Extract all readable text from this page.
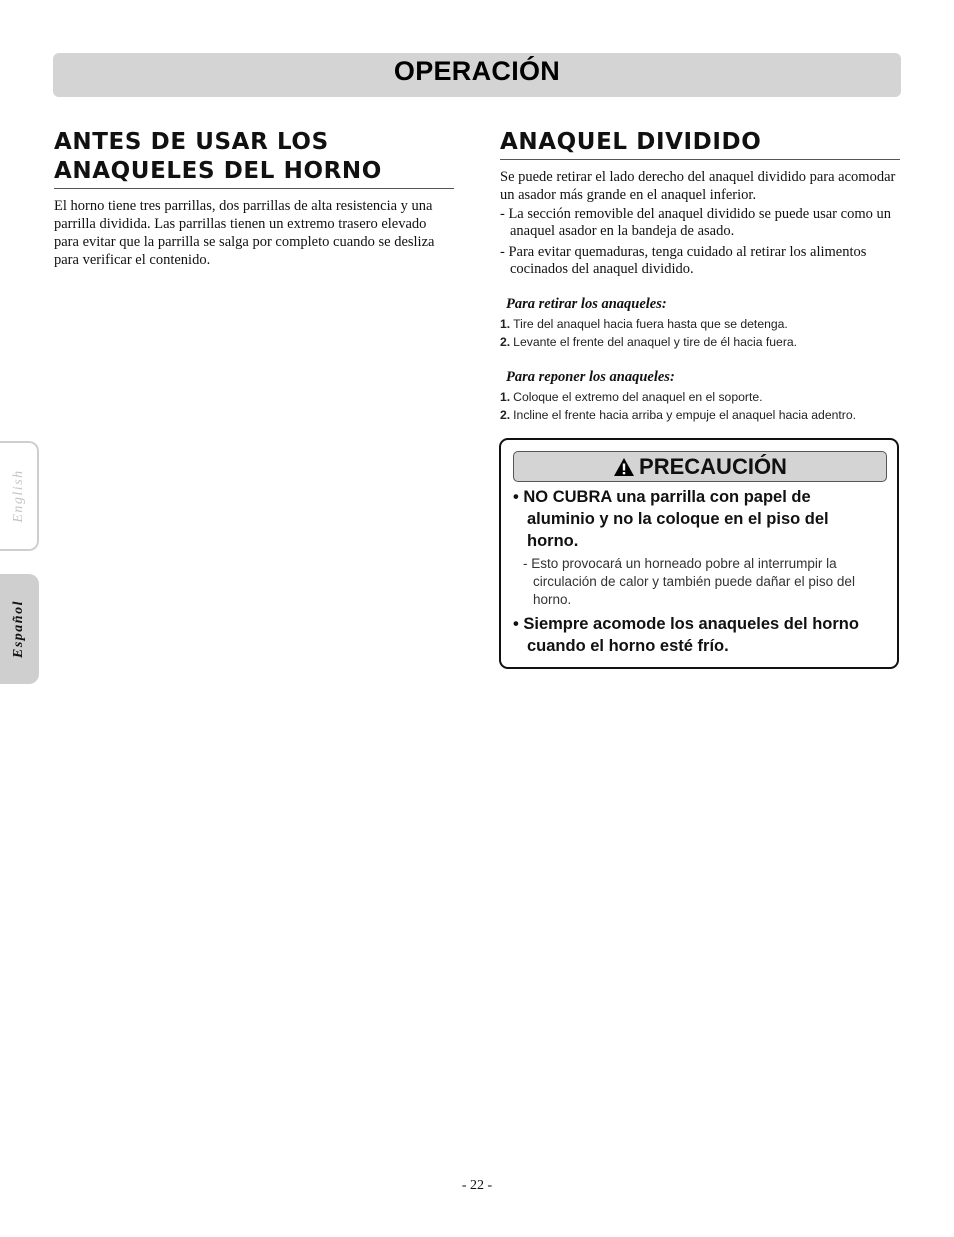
OPERACIÓN
ANTES DE USAR LOS
ANAQUELES DEL HORNO

El horno tiene tres parrillas, dos parrillas de alta resistencia y una parrilla dividida. Las parrillas tienen un extremo trasero elevado para evitar que la parrilla se salga por completo cuando se desliza para verificar el contenido.

ANAQUEL DIVIDIDO

Se puede retirar el lado derecho del anaquel dividido para acomodar un asador más grande en el anaquel inferior.

- La sección removible del anaquel dividido se puede usar como un anaquel asador en la bandeja de asado.
- Para evitar quemaduras, tenga cuidado al retirar los alimentos cocinados del anaquel dividido.
Para retirar los anaqueles:
1. Tire del anaquel hacia fuera hasta que se detenga.
2. Levante el frente del anaquel y tire de él hacia fuera.
Para reponer los anaqueles:
1. Coloque el extremo del anaquel en el soporte.
2. Incline el frente hacia arriba y empuje el anaquel hacia adentro.
PRECAUCIÓN

• NO CUBRA una parrilla con papel de aluminio y no la coloque en el piso del horno.

- Esto provocará un horneado pobre al interrumpir la circulación de calor y también puede dañar el piso del horno.

• Siempre acomode los anaqueles del horno cuando el horno esté frío.

English
Español
- 22 -
